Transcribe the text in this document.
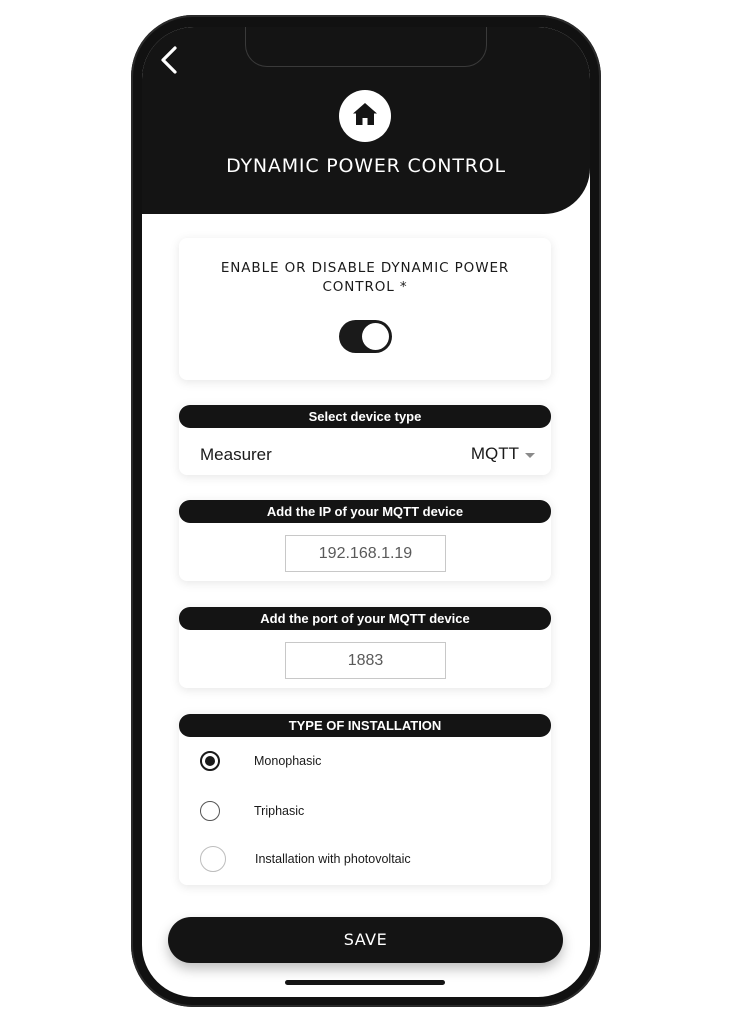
DYNAMIC POWER CONTROL
ENABLE OR DISABLE DYNAMIC POWER CONTROL *
Select device type
Measurer	MQTT
Add the IP of your MQTT device
192.168.1.19
Add the port of your MQTT device
1883
TYPE OF INSTALLATION
Monophasic
Triphasic
Installation with photovoltaic
SAVE
